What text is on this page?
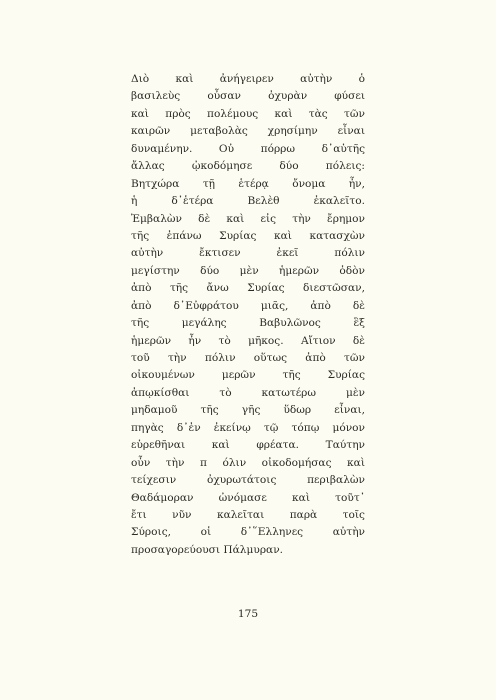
Διὸ καὶ ἀνήγειρεν αὐτὴν ὁ
βασιλεὺς οὖσαν ὀχυρὰν φύσει
καὶ πρὸς πολέμους καὶ τὰς τῶν
καιρῶν μεταβολὰς χρησίμην εἶναι
δυναμένην. Οὐ πόρρω δ᾽αὐτῆς
ἄλλας ᾠκοδόμησε δύο πόλεις:
Βητχώρα τῇ ἑτέρᾳ ὄνομα ἦν,
ἡ δ᾽ἑτέρα Βελὲθ ἐκαλεῖτο.
Ἐμβαλὼν δὲ καὶ εἰς τὴν ἔρημον
τῆς ἐπάνω Συρίας καὶ κατασχὼν
αὐτὴν ἔκτισεν ἐκεῖ πόλιν
μεγίστην δύο μὲν ἡμερῶν ὁδὸν
ἀπὸ τῆς ἄνω Συρίας διεστῶσαν,
ἀπὸ δ᾽Εὐφράτου μιᾶς, ἀπὸ δὲ
τῆς μεγάλης Βαβυλῶνος ἓξ
ἡμερῶν ἦν τὸ μῆκος. Αἴτιον δὲ
τοῦ τὴν πόλιν οὕτως ἀπὸ τῶν
οἰκουμένων μερῶν τῆς Συρίας
ἀπῳκίσθαι τὸ κατωτέρω μὲν
μηδαμοῦ τῆς γῆς ὕδωρ εἶναι,
πηγὰς δ᾽ἐν ἐκείνῳ τῷ τόπῳ μόνον
εὑρεθῆναι καὶ φρέατα. Ταύτην
οὖν τὴν π όλιν οἰκοδομήσας καὶ
τείχεσιν ὀχυρωτάτοις περιβαλὼν
Θαδάμοραν ὠνόμασε καὶ τοῦτ᾽
ἔτι νῦν καλεῖται παρὰ τοῖς
Σύροις, οἱ δ᾽῞Ελληνες αὐτὴν
προσαγορεύουσι Πάλμυραν.
175
